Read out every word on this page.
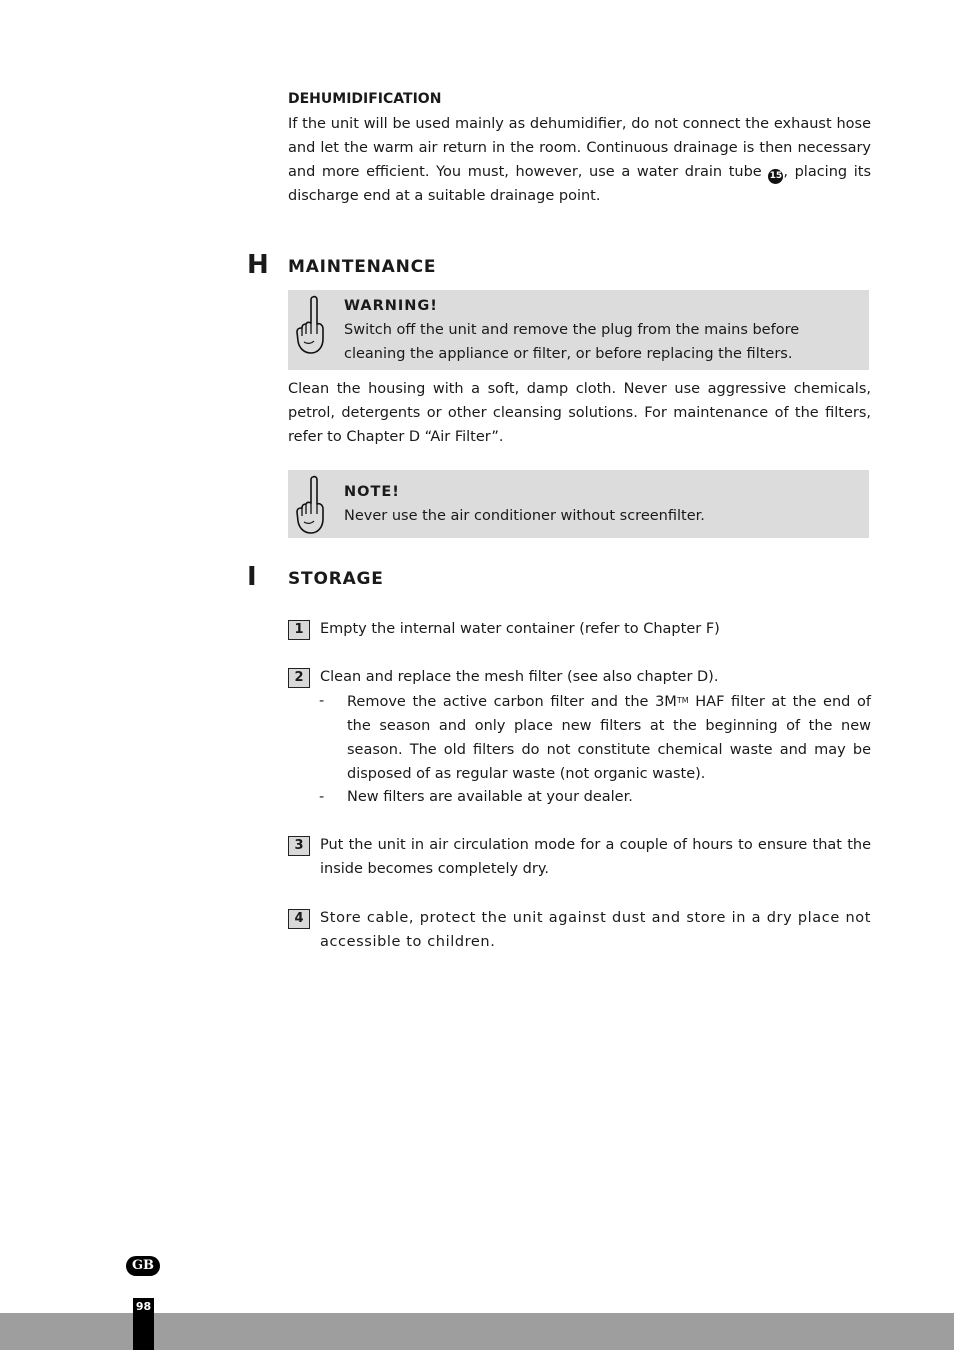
DEHUMIDIFICATION
If the unit will be used mainly as dehumidifier, do not connect the exhaust hose and let the warm air return in the room. Continuous drainage is then necessary and more efficient. You must, however, use a water drain tube 15, placing its discharge end at a suitable drainage point.
H MAINTENANCE
WARNING!
Switch off the unit and remove the plug from the mains before cleaning the appliance or filter, or before replacing the filters.
Clean the housing with a soft, damp cloth. Never use aggressive chemicals, petrol, detergents or other cleansing solutions. For maintenance of the filters, refer to Chapter D “Air Filter”.
NOTE!
Never use the air conditioner without screenfilter.
I STORAGE
1	Empty the internal water container (refer to Chapter F)
2	Clean and replace the mesh filter (see also chapter D).
- Remove the active carbon filter and the 3M™ HAF filter at the end of the season and only place new filters at the beginning of the new season. The old filters do not constitute chemical waste and may be disposed of as regular waste (not organic waste).
- New filters are available at your dealer.
3	Put the unit in air circulation mode for a couple of hours to ensure that the inside becomes completely dry.
4	Store cable, protect the unit against dust and store in a dry place not accessible to children.
GB
98
